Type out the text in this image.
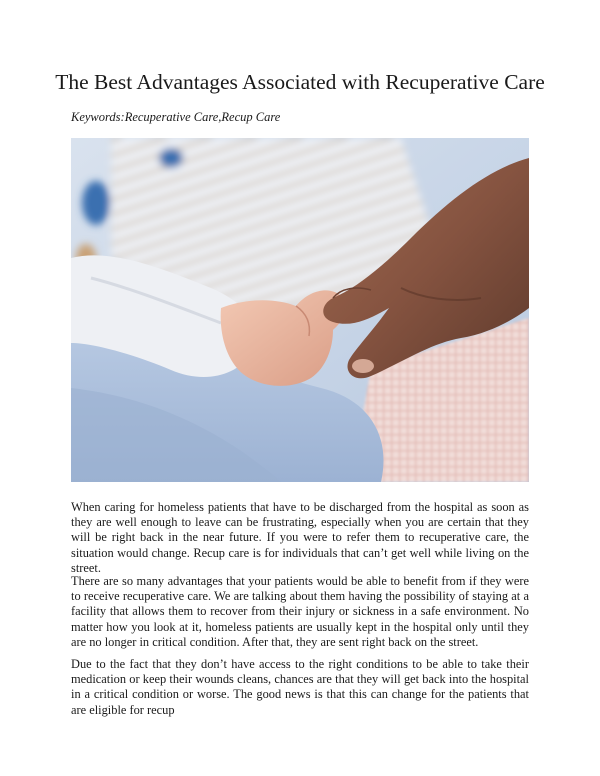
The Best Advantages Associated with Recuperative Care

Keywords:Recuperative Care,Recup Care

When caring for homeless patients that have to be discharged from the hospital as soon as they are well enough to leave can be frustrating, especially when you are certain that they will be right back in the near future. If you were to refer them to recuperative care, the situation would change. Recup care is for individuals that can’t get well while living on the street.

There are so many advantages that your patients would be able to benefit from if they were to receive recuperative care. We are talking about them having the possibility of staying at a facility that allows them to recover from their injury or sickness in a safe environment. No matter how you look at it, homeless patients are usually kept in the hospital only until they are no longer in critical condition. After that, they are sent right back on the street.

Due to the fact that they don’t have access to the right conditions to be able to take their medication or keep their wounds cleans, chances are that they will get back into the hospital in a critical condition or worse. The good news is that this can change for the patients that are eligible for recup
